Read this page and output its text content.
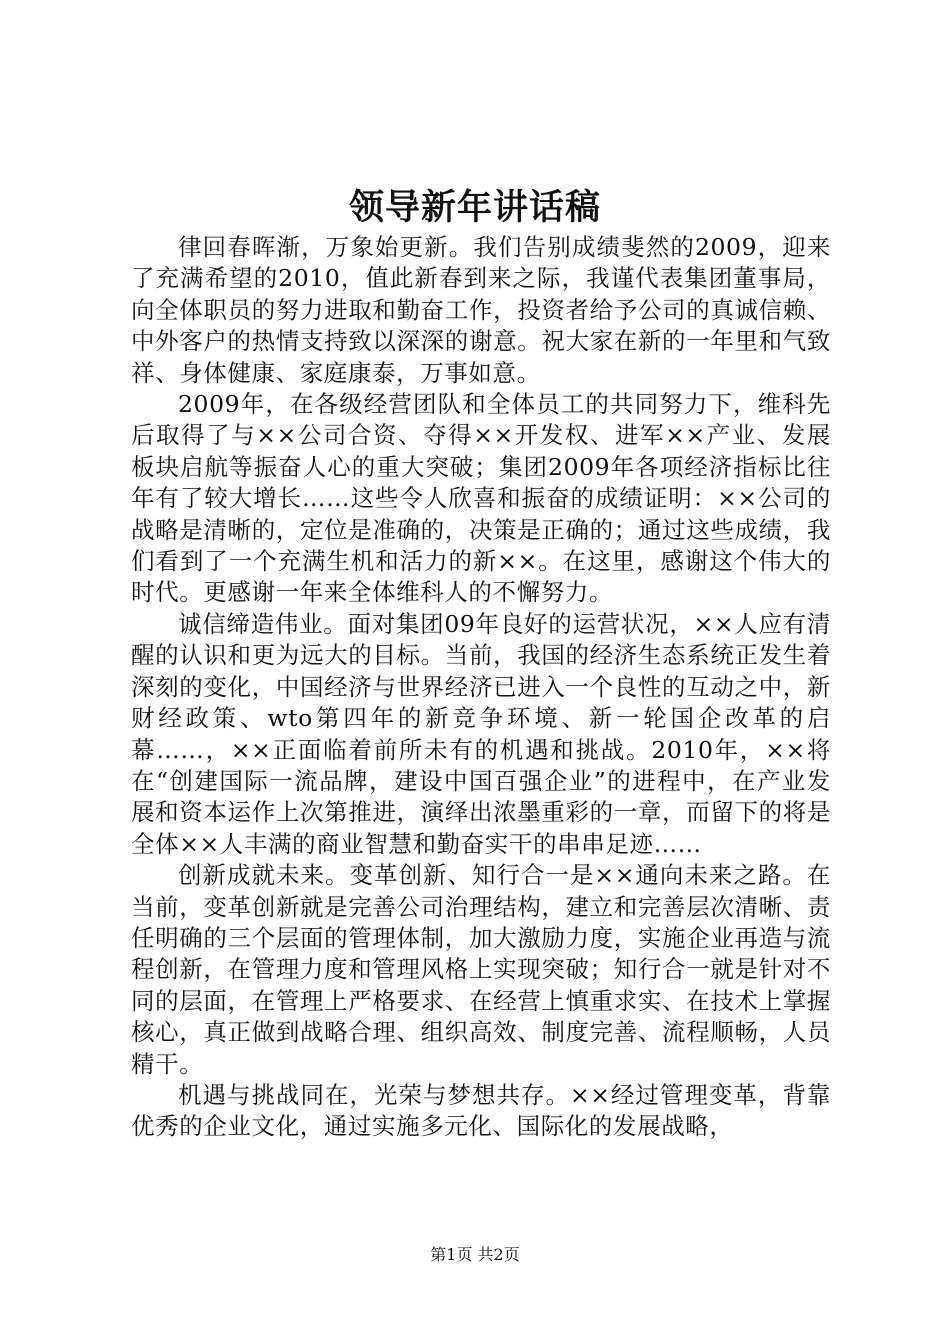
领导新年讲话稿

律回春晖渐，万象始更新。我们告别成绩斐然的2009，迎来了充满希望的2010，值此新春到来之际，我谨代表集团董事局，向全体职员的努力进取和勤奋工作，投资者给予公司的真诚信赖、中外客户的热情支持致以深深的谢意。祝大家在新的一年里和气致祥、身体健康、家庭康泰，万事如意。

2009年，在各级经营团队和全体员工的共同努力下，维科先后取得了与××公司合资、夺得××开发权、进军××产业、发展板块启航等振奋人心的重大突破；集团2009年各项经济指标比往年有了较大增长……这些令人欣喜和振奋的成绩证明：××公司的战略是清晰的，定位是准确的，决策是正确的；通过这些成绩，我们看到了一个充满生机和活力的新××。在这里，感谢这个伟大的时代。更感谢一年来全体维科人的不懈努力。

诚信缔造伟业。面对集团09年良好的运营状况，××人应有清醒的认识和更为远大的目标。当前，我国的经济生态系统正发生着深刻的变化，中国经济与世界经济已进入一个良性的互动之中，新财经政策、wto第四年的新竞争环境、新一轮国企改革的启幕……，××正面临着前所未有的机遇和挑战。2010年，××将在“创建国际一流品牌，建设中国百强企业”的进程中，在产业发展和资本运作上次第推进，演绎出浓墨重彩的一章，而留下的将是全体××人丰满的商业智慧和勤奋实干的串串足迹……

创新成就未来。变革创新、知行合一是××通向未来之路。在当前，变革创新就是完善公司治理结构，建立和完善层次清晰、责任明确的三个层面的管理体制，加大激励力度，实施企业再造与流程创新，在管理力度和管理风格上实现突破；知行合一就是针对不同的层面，在管理上严格要求、在经营上慎重求实、在技术上掌握核心，真正做到战略合理、组织高效、制度完善、流程顺畅，人员精干。

机遇与挑战同在，光荣与梦想共存。××经过管理变革，背靠优秀的企业文化，通过实施多元化、国际化的发展战略，

第1页 共2页
